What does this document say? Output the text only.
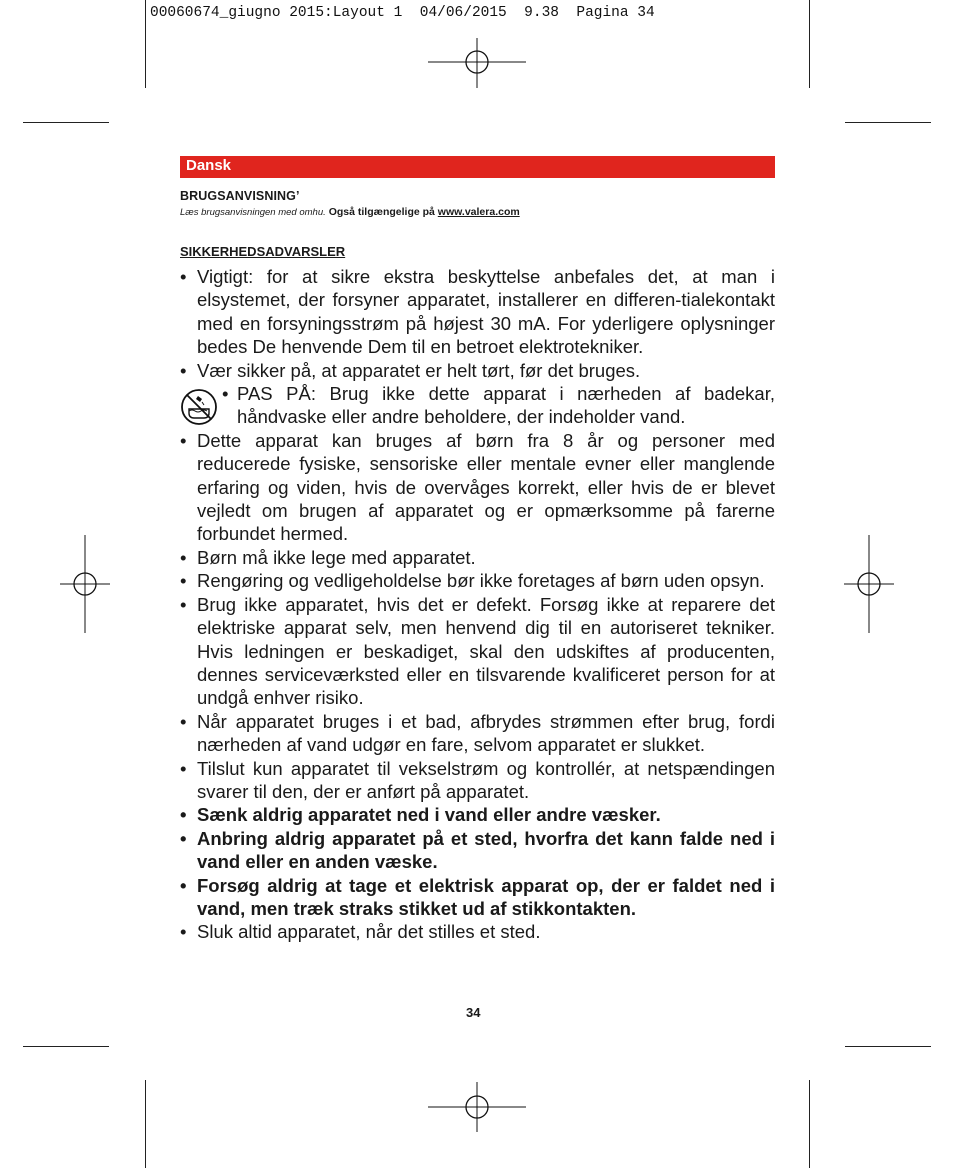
00060674_giugno 2015:Layout 1  04/06/2015  9.38  Pagina 34
Dansk
BRUGSANVISNING’
Læs brugsanvisningen med omhu. Også tilgængelige på www.valera.com
SIKKERHEDSADVARSLER
• Vigtigt: for at sikre ekstra beskyttelse anbefales det, at man i elsystemet, der forsyner apparatet, installerer en differen-tialekontakt med en forsyningsstrøm på højest 30 mA. For yderligere oplysninger bedes De henvende Dem til en betroet elektrotekniker.
• Vær sikker på, at apparatet er helt tørt, før det bruges.
• PAS PÅ: Brug ikke dette apparat i nærheden af badekar, håndvaske eller andre beholdere, der indeholder vand.
• Dette apparat kan bruges af børn fra 8 år og personer med reducerede fysiske, sensoriske eller mentale evner eller manglende erfaring og viden, hvis de overvåges korrekt, eller hvis de er blevet vejledt om brugen af apparatet og er opmærksomme på farerne forbundet hermed.
• Børn må ikke lege med apparatet.
• Rengøring og vedligeholdelse bør ikke foretages af børn uden opsyn.
• Brug ikke apparatet, hvis det er defekt. Forsøg ikke at reparere det elektriske apparat selv, men henvend dig til en autoriseret tekniker. Hvis ledningen er beskadiget, skal den udskiftes af producenten, dennes serviceværksted eller en tilsvarende kvalificeret person for at undgå enhver risiko.
• Når apparatet bruges i et bad, afbrydes strømmen efter brug, fordi nærheden af vand udgør en fare, selvom apparatet er slukket.
• Tilslut kun apparatet til vekselstrøm og kontrollér, at netspændingen svarer til den, der er anført på apparatet.
• Sænk aldrig apparatet ned i vand eller andre væsker.
• Anbring aldrig apparatet på et sted, hvorfra det kann falde ned i vand eller en anden væske.
• Forsøg aldrig at tage et elektrisk apparat op, der er faldet ned i vand, men træk straks stikket ud af stikkontakten.
• Sluk altid apparatet, når det stilles et sted.
34
